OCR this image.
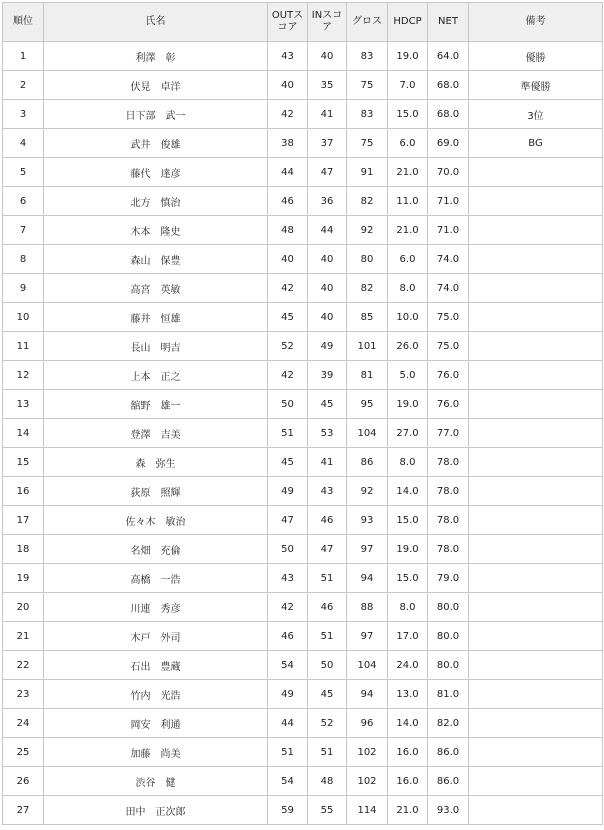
順位	氏名	OUTスコア	INスコア	グロス	HDCP	NET	備考
1	利澤　彰	43	40	83	19.0	64.0	優勝
2	伏見　卓洋	40	35	75	7.0	68.0	準優勝
3	日下部　武一	42	41	83	15.0	68.0	3位
4	武井　俊雄	38	37	75	6.0	69.0	BG
5	藤代　達彦	44	47	91	21.0	70.0	
6	北方　慎治	46	36	82	11.0	71.0	
7	木本　隆史	48	44	92	21.0	71.0	
8	森山　保豊	40	40	80	6.0	74.0	
9	高宮　英敏	42	40	82	8.0	74.0	
10	藤井　恒雄	45	40	85	10.0	75.0	
11	長山　明吉	52	49	101	26.0	75.0	
12	上本　正之	42	39	81	5.0	76.0	
13	舘野　雄一	50	45	95	19.0	76.0	
14	登澤　吉美	51	53	104	27.0	77.0	
15	森　弥生	45	41	86	8.0	78.0	
16	荻原　照輝	49	43	92	14.0	78.0	
17	佐々木　敏治	47	46	93	15.0	78.0	
18	名畑　充倫	50	47	97	19.0	78.0	
19	高橋　一浩	43	51	94	15.0	79.0	
20	川連　秀彦	42	46	88	8.0	80.0	
21	木戸　外司	46	51	97	17.0	80.0	
22	石出　豊蔵	54	50	104	24.0	80.0	
23	竹内　光浩	49	45	94	13.0	81.0	
24	岡安　利通	44	52	96	14.0	82.0	
25	加藤　尚美	51	51	102	16.0	86.0	
26	渋谷　健	54	48	102	16.0	86.0	
27	田中　正次郎	59	55	114	21.0	93.0	
